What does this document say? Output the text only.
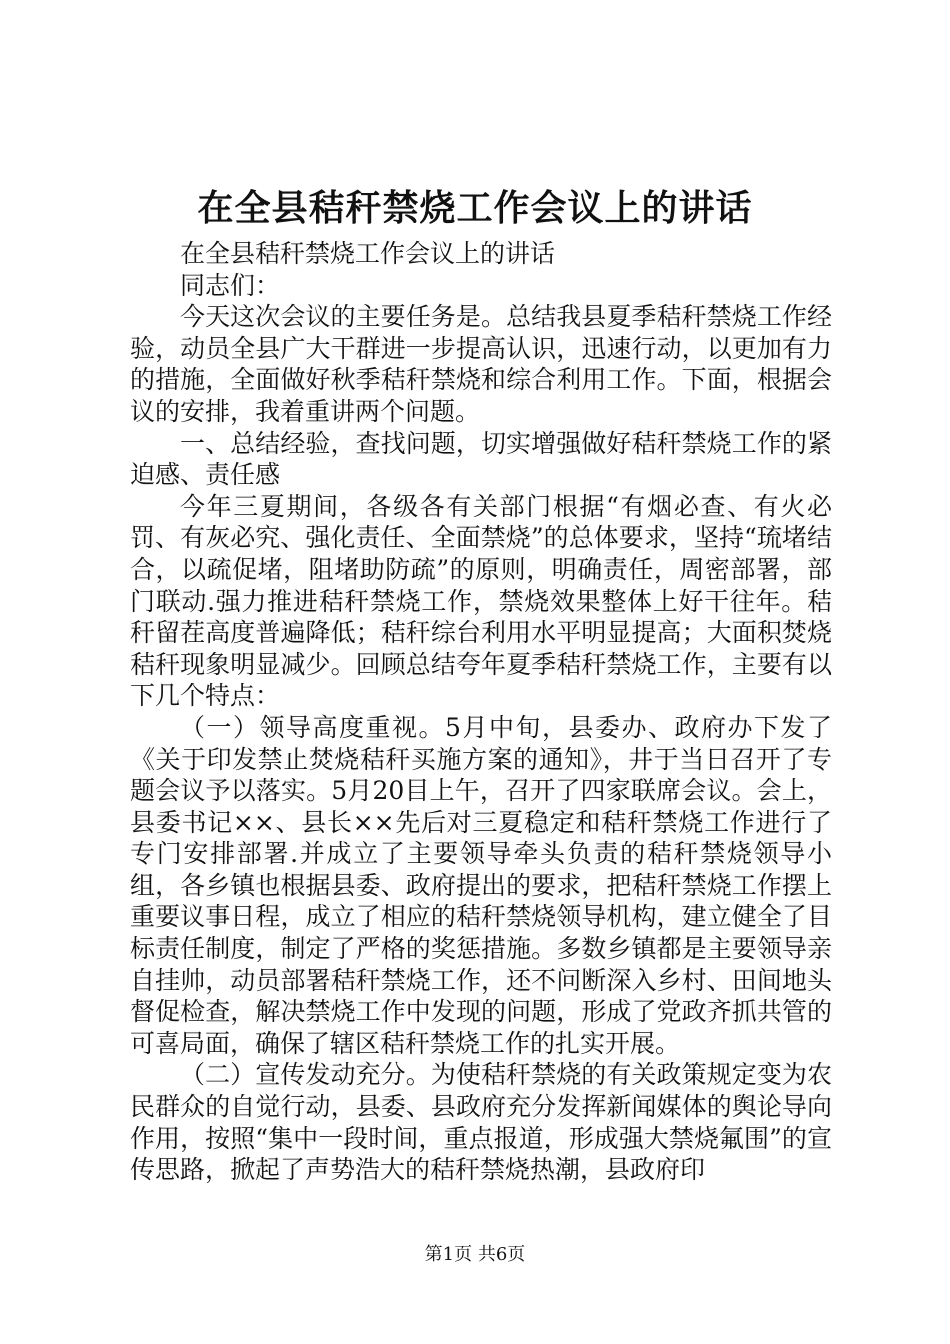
在全县秸秆禁烧工作会议上的讲话

在全县秸秆禁烧工作会议上的讲话

同志们：

今天这次会议的主要任务是。总结我县夏季秸秆禁烧工作经验，动员全县广大干群进一步提高认识，迅速行动，以更加有力的措施，全面做好秋季秸秆禁烧和综合利用工作。下面，根据会议的安排，我着重讲两个问题。

一、总结经验，查找问题，切实增强做好秸秆禁烧工作的紧迫感、责任感

今年三夏期间，各级各有关部门根据“有烟必查、有火必罚、有灰必究、强化责任、全面禁烧”的总体要求，坚持“琉堵结合，以疏促堵，阻堵助防疏”的原则，明确责任，周密部署，部门联动.强力推进秸秆禁烧工作，禁烧效果整体上好干往年。秸秆留茬高度普遍降低；秸秆综台利用水平明显提高；大面积焚烧秸秆现象明显减少。回顾总结夸年夏季秸秆禁烧工作，主要有以下几个特点：

（一）领导高度重视。5月中旬，县委办、政府办下发了《关于印发禁止焚烧秸秆买施方案的通知》，井于当日召开了专题会议予以落实。5月20目上午，召开了四家联席会议。会上，县委书记××、县长××先后对三夏稳定和秸秆禁烧工作进行了专门安排部署.并成立了主要领导牵头负责的秸秆禁烧领导小组，各乡镇也根据县委、政府提出的要求，把秸秆禁烧工作摆上重要议事日程，成立了相应的秸秆禁烧领导机构，建立健全了目标责任制度，制定了严格的奖惩措施。多数乡镇都是主要领导亲自挂帅，动员部署秸秆禁烧工作，还不问断深入乡村、田间地头督促检查，解决禁烧工作中发现的问题，形成了党政齐抓共管的可喜局面，确保了辖区秸秆禁烧工作的扎实开展。

（二）宣传发动充分。为使秸秆禁烧的有关政策规定变为农民群众的自觉行动，县委、县政府充分发挥新闻媒体的舆论导向作用，按照“集中一段时间，重点报道，形成强大禁烧氟围”的宣传思路，掀起了声势浩大的秸秆禁烧热潮，县政府印

第1页 共6页
